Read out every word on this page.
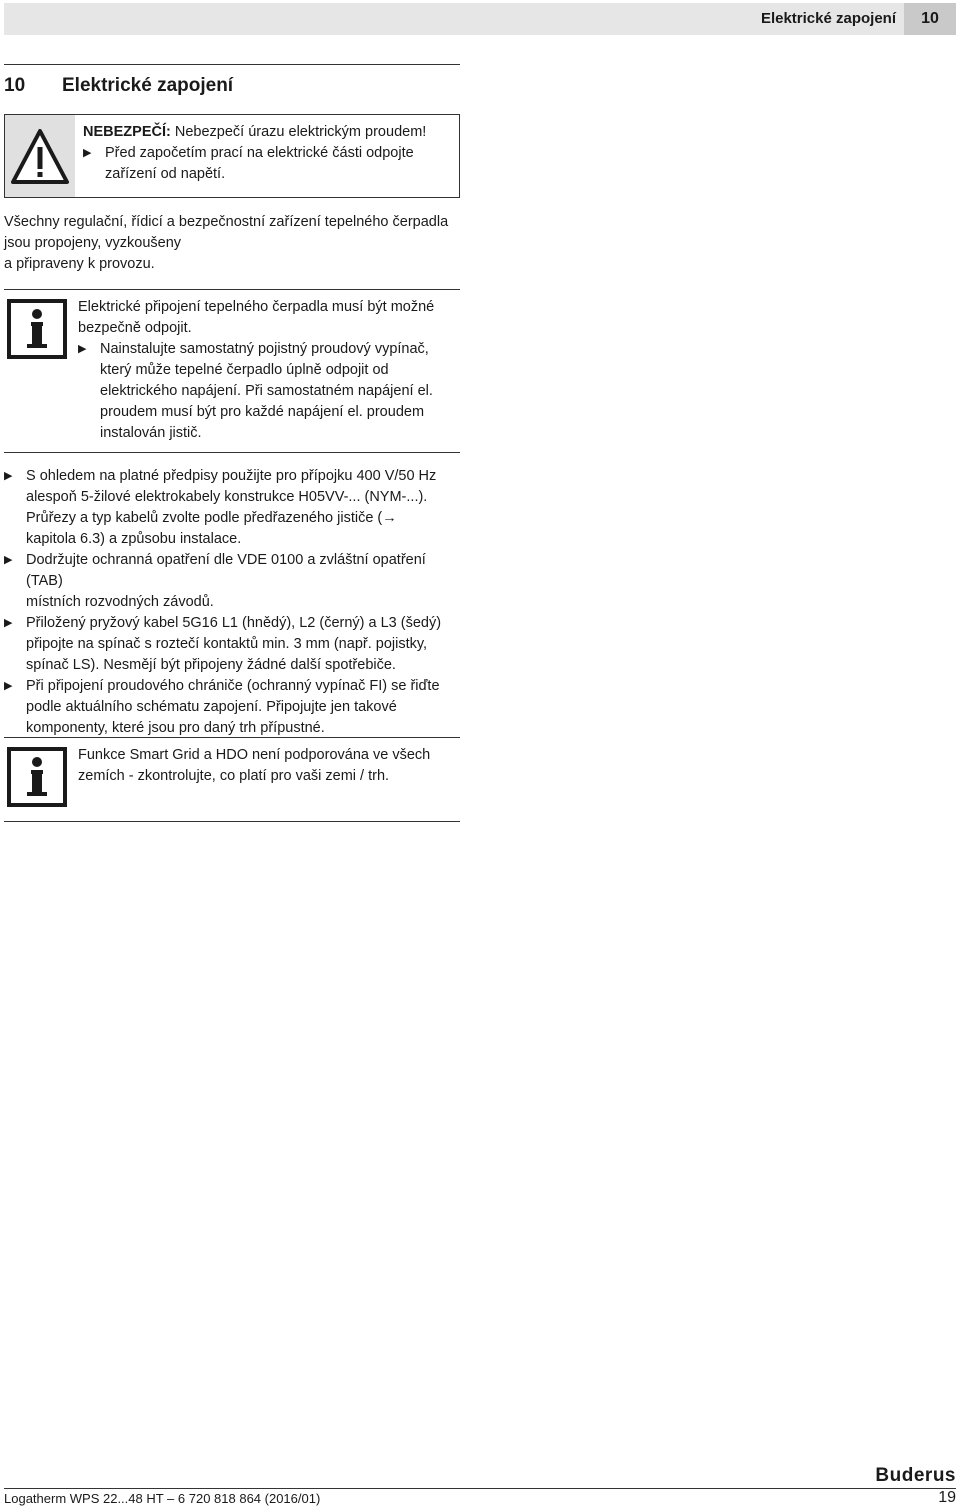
Elektrické zapojení	10
10 Elektrické zapojení
NEBEZPEČÍ: Nebezpečí úrazu elektrickým proudem!
▶ Před započetím prací na elektrické části odpojte
zařízení od napětí.
Všechny regulační, řídicí a bezpečnostní zařízení tepelného čerpadla
jsou propojeny, vyzkoušeny
a připraveny k provozu.
Elektrické připojení tepelného čerpadla musí být možné
bezpečně odpojit.
▶ Nainstalujte samostatný pojistný proudový vypínač,
který může tepelné čerpadlo úplně odpojit od
elektrického napájení. Při samostatném napájení el.
proudem musí být pro každé napájení el. proudem
instalován jistič.
▶ S ohledem na platné předpisy použijte pro přípojku 400 V/50 Hz
alespoň 5-žilové elektrokabely konstrukce H05VV-... (NYM-...).
Průřezy a typ kabelů zvolte podle předřazeného jističe (→
kapitola 6.3) a způsobu instalace.
▶ Dodržujte ochranná opatření dle VDE 0100 a zvláštní opatření (TAB)
místních rozvodných závodů.
▶ Přiložený pryžový kabel 5G16 L1 (hnědý), L2 (černý) a L3 (šedý)
připojte na spínač s roztečí kontaktů min. 3 mm (např. pojistky,
spínač LS). Nesmějí být připojeny žádné další spotřebiče.
▶ Při připojení proudového chrániče (ochranný vypínač FI) se řiďte
podle aktuálního schématu zapojení. Připojujte jen takové
komponenty, které jsou pro daný trh přípustné.
Funkce Smart Grid a HDO není podporována ve všech
zemích - zkontrolujte, co platí pro vaši zemi / trh.
Buderus
Logatherm WPS 22...48 HT – 6 720 818 864 (2016/01)	19
